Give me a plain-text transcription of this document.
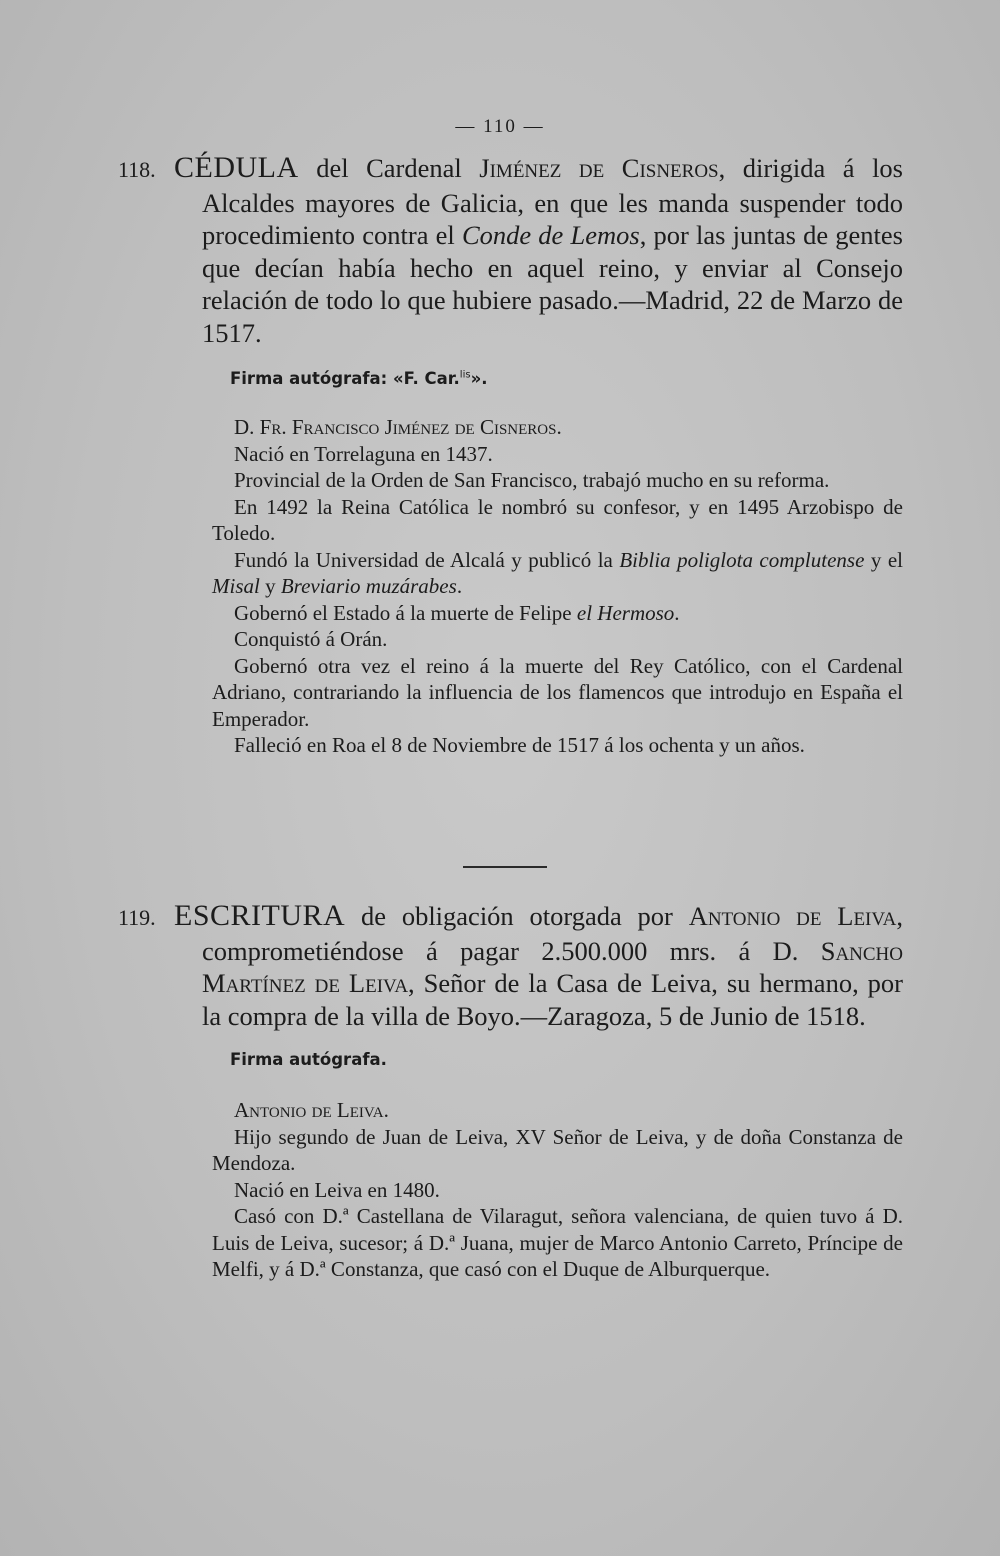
— 110 —
118. CÉDULA del Cardenal Jiménez de Cisneros, dirigida á los Alcaldes mayores de Galicia, en que les manda suspender todo procedimiento contra el Conde de Lemos, por las juntas de gentes que decían había hecho en aquel reino, y enviar al Consejo relación de todo lo que hubiere pasado.—Madrid, 22 de Marzo de 1517.
Firma autógrafa: «F. Car.$^{lis}$».

D. Fr. Francisco Jiménez de Cisneros.

Nació en Torrelaguna en 1437.

Provincial de la Orden de San Francisco, trabajó mucho en su reforma.

En 1492 la Reina Católica le nombró su confesor, y en 1495 Arzobispo de Toledo.

Fundó la Universidad de Alcalá y publicó la Biblia poliglota complutense y el Misal y Breviario muzárabes.

Gobernó el Estado á la muerte de Felipe el Hermoso.

Conquistó á Orán.

Gobernó otra vez el reino á la muerte del Rey Católico, con el Cardenal Adriano, contrariando la influencia de los flamencos que introdujo en España el Emperador.

Falleció en Roa el 8 de Noviembre de 1517 á los ochenta y un años.

119. ESCRITURA de obligación otorgada por Antonio de Leiva, comprometiéndose á pagar 2.500.000 mrs. á D. Sancho Martínez de Leiva, Señor de la Casa de Leiva, su hermano, por la compra de la villa de Boyo.—Zaragoza, 5 de Junio de 1518.
Firma autógrafa.

Antonio de Leiva.

Hijo segundo de Juan de Leiva, XV Señor de Leiva, y de doña Constanza de Mendoza.

Nació en Leiva en 1480.

Casó con D.ª Castellana de Vilaragut, señora valenciana, de quien tuvo á D. Luis de Leiva, sucesor; á D.ª Juana, mujer de Marco Antonio Carreto, Príncipe de Melfi, y á D.ª Constanza, que casó con el Duque de Alburquerque.
